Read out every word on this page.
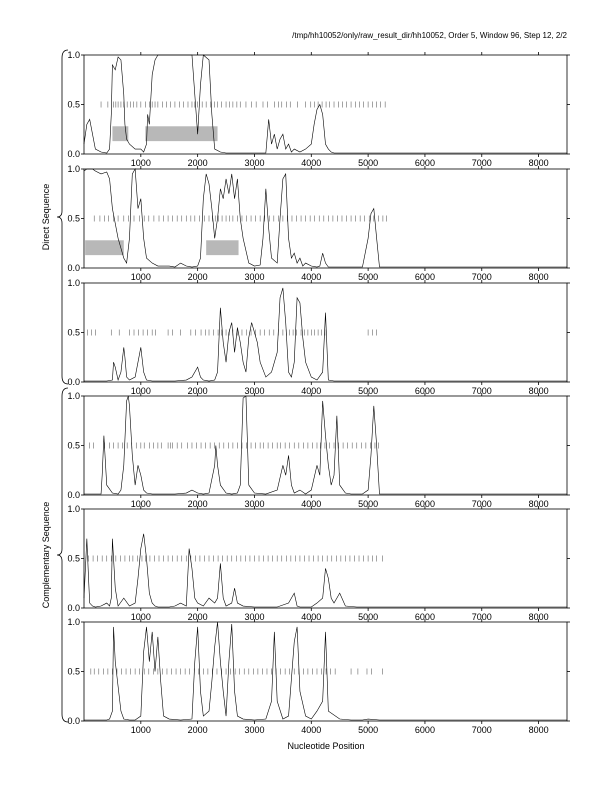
/tmp/hh10052/only/raw_result_dir/hh10052, Order 5, Window 96, Step 12, 2/2
0.0
0.5
1.0
1000	2000	3000	4000	5000	6000	7000	8000
0.0
0.5
1.0
1000	2000	3000	4000	5000	6000	7000	8000
0.0
0.5
1.0
1000	2000	3000	4000	5000	6000	7000	8000
0.0
0.5
1.0
1000	2000	3000	4000	5000	6000	7000	8000
0.0
0.5
1.0
1000	2000	3000	4000	5000	6000	7000	8000
0.0
0.5
1.0
1000	2000	3000	4000	5000	6000	7000	8000
Direct Sequence
Complementary Sequence
Nucleotide Position
